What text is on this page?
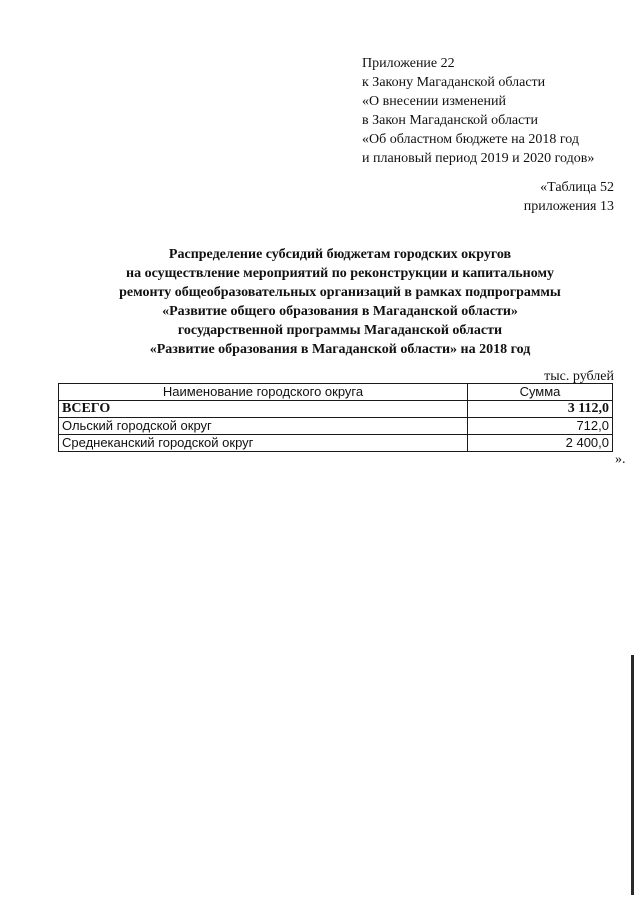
Приложение 22
к Закону Магаданской области
«О внесении изменений
в Закон Магаданской области
«Об областном бюджете на 2018 год
и плановый период 2019 и 2020 годов»
«Таблица 52
приложения 13
Распределение субсидий бюджетам городских округов
на осуществление мероприятий по реконструкции и капитальному
ремонту общеобразовательных организаций в рамках подпрограммы
«Развитие общего образования в Магаданской области»
государственной программы Магаданской области
«Развитие образования в Магаданской области» на 2018 год
тыс. рублей
Наименование городского округа	Сумма
ВСЕГО	3 112,0
Ольский городской округ	712,0
Среднеканский городской округ	2 400,0
».
